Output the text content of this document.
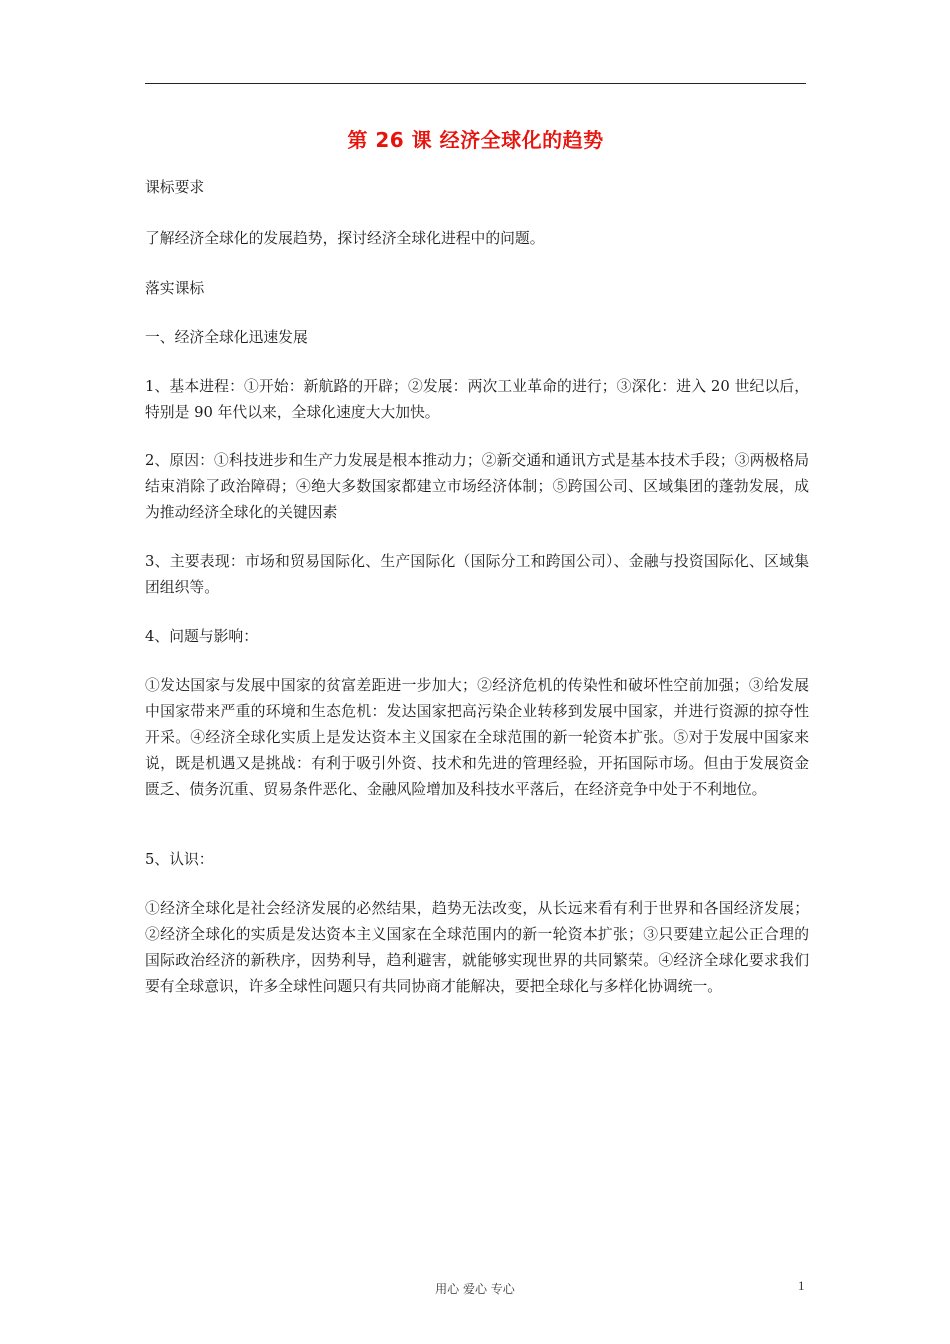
第 26 课 经济全球化的趋势
课标要求
了解经济全球化的发展趋势，探讨经济全球化进程中的问题。
落实课标
一、经济全球化迅速发展
1、基本进程：①开始：新航路的开辟；②发展：两次工业革命的进行；③深化：进入 20 世纪以后，特别是 90 年代以来，全球化速度大大加快。
2、原因：①科技进步和生产力发展是根本推动力；②新交通和通讯方式是基本技术手段；③两极格局结束消除了政治障碍；④绝大多数国家都建立市场经济体制；⑤跨国公司、区域集团的蓬勃发展，成为推动经济全球化的关键因素
3、主要表现：市场和贸易国际化、生产国际化（国际分工和跨国公司）、金融与投资国际化、区域集团组织等。
4、问题与影响：
①发达国家与发展中国家的贫富差距进一步加大；②经济危机的传染性和破坏性空前加强；③给发展中国家带来严重的环境和生态危机：发达国家把高污染企业转移到发展中国家，并进行资源的掠夺性开采。④经济全球化实质上是发达资本主义国家在全球范围的新一轮资本扩张。⑤对于发展中国家来说，既是机遇又是挑战：有利于吸引外资、技术和先进的管理经验，开拓国际市场。但由于发展资金匮乏、债务沉重、贸易条件恶化、金融风险增加及科技水平落后，在经济竞争中处于不利地位。
5、认识：
①经济全球化是社会经济发展的必然结果，趋势无法改变，从长远来看有利于世界和各国经济发展；②经济全球化的实质是发达资本主义国家在全球范围内的新一轮资本扩张；③只要建立起公正合理的国际政治经济的新秩序，因势利导，趋利避害，就能够实现世界的共同繁荣。④经济全球化要求我们要有全球意识，许多全球性问题只有共同协商才能解决，要把全球化与多样化协调统一。
用心 爱心 专心	1
